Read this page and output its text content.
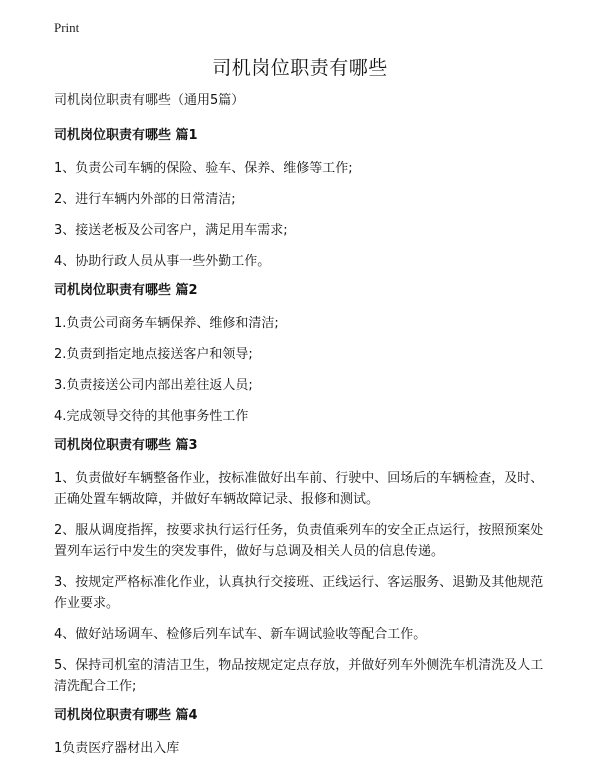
Print
司机岗位职责有哪些

司机岗位职责有哪些（通用5篇）

司机岗位职责有哪些 篇1

1、负责公司车辆的保险、验车、保养、维修等工作;

2、进行车辆内外部的日常清洁;

3、接送老板及公司客户，满足用车需求;

4、协助行政人员从事一些外勤工作。

司机岗位职责有哪些 篇2

1.负责公司商务车辆保养、维修和清洁;

2.负责到指定地点接送客户和领导;

3.负责接送公司内部出差往返人员;

4.完成领导交待的其他事务性工作

司机岗位职责有哪些 篇3

1、负责做好车辆整备作业，按标准做好出车前、行驶中、回场后的车辆检查，及时、正确处置车辆故障，并做好车辆故障记录、报修和测试。

2、服从调度指挥，按要求执行运行任务，负责值乘列车的安全正点运行，按照预案处置列车运行中发生的突发事件，做好与总调及相关人员的信息传递。

3、按规定严格标准化作业，认真执行交接班、正线运行、客运服务、退勤及其他规范作业要求。

4、做好站场调车、检修后列车试车、新车调试验收等配合工作。

5、保持司机室的清洁卫生，物品按规定定点存放，并做好列车外侧洗车机清洗及人工清洗配合工作;

司机岗位职责有哪些 篇4

1负责医疗器材出入库
